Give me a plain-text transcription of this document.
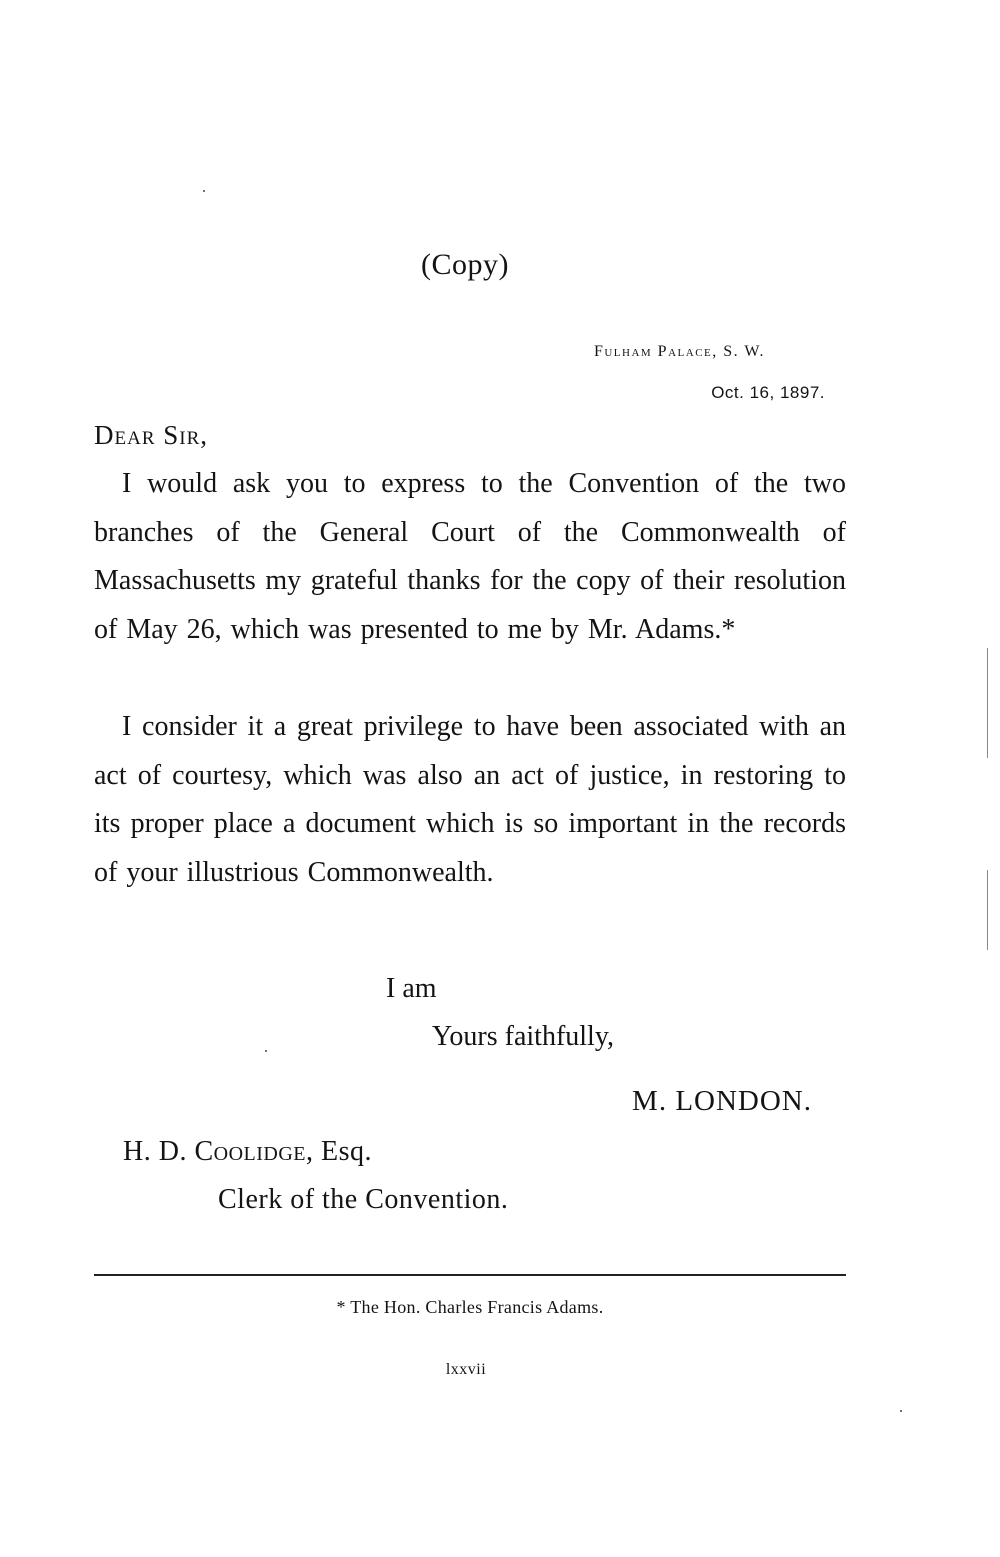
(Copy)
Fulham Palace, S. W.
Oct. 16, 1897.
Dear Sir,
I would ask you to express to the Convention of the two branches of the General Court of the Commonwealth of Massachusetts my grateful thanks for the copy of their resolution of May 26, which was presented to me by Mr. Adams.*
I consider it a great privilege to have been associated with an act of courtesy, which was also an act of justice, in restoring to its proper place a document which is so important in the records of your illustrious Commonwealth.
I am
Yours faithfully,
M. LONDON.
H. D. Coolidge, Esq.
Clerk of the Convention.
* The Hon. Charles Francis Adams.
lxxvii
